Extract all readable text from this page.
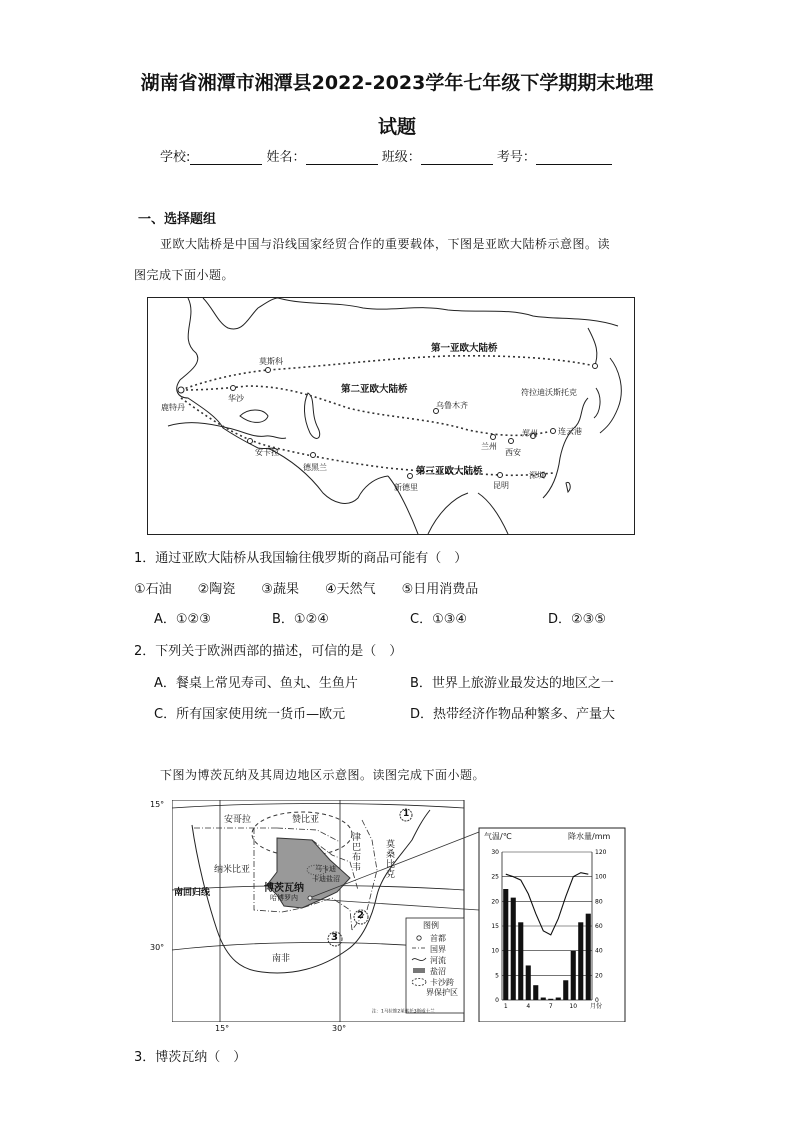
湖南省湘潭市湘潭县2022-2023学年七年级下学期期末地理
试题
学校:	姓名：	班级：	考号：
一、选择题组
亚欧大陆桥是中国与沿线国家经贸合作的重要载体，下图是亚欧大陆桥示意图。读
图完成下面小题。
第一亚欧大陆桥
第二亚欧大陆桥
第三亚欧大陆桥
莫斯科
华沙
鹿特丹
安卡拉
德黑兰
乌鲁木齐
符拉迪沃斯托克
兰州
郑州	连云港
西安
新德里	昆明
深圳
1．通过亚欧大陆桥从我国输往俄罗斯的商品可能有（　）
①石油　　②陶瓷　　③蔬果　　④天然气　　⑤日用消费品
A．①②③	B．①②④	C．①③④	D．②③⑤
2．下列关于欧洲西部的描述，可信的是（　）
A．餐桌上常见寿司、鱼丸、生鱼片	B．世界上旅游业最发达的地区之一
C．所有国家使用统一货币—欧元	D．热带经济作物品种繁多、产量大
下图为博茨瓦纳及其周边地区示意图。读图完成下面小题。
0	0
5	20
10	40
15	60
20	80
25	100
30	120
1	4	7	10 月份
15°
30°
15°	30°
南回归线
安哥拉	赞比亚
纳米比亚
津巴布韦
莫桑比克
博茨瓦纳
哈博罗内
马卡迪
卡迪盐沼
南非
1
2
3
图例
首都
国界
河流
盐沼
卡沙跨
界保护区
注：1马拉维2莱索托3斯威士兰
气温/℃	降水量/mm
3．博茨瓦纳（　）
